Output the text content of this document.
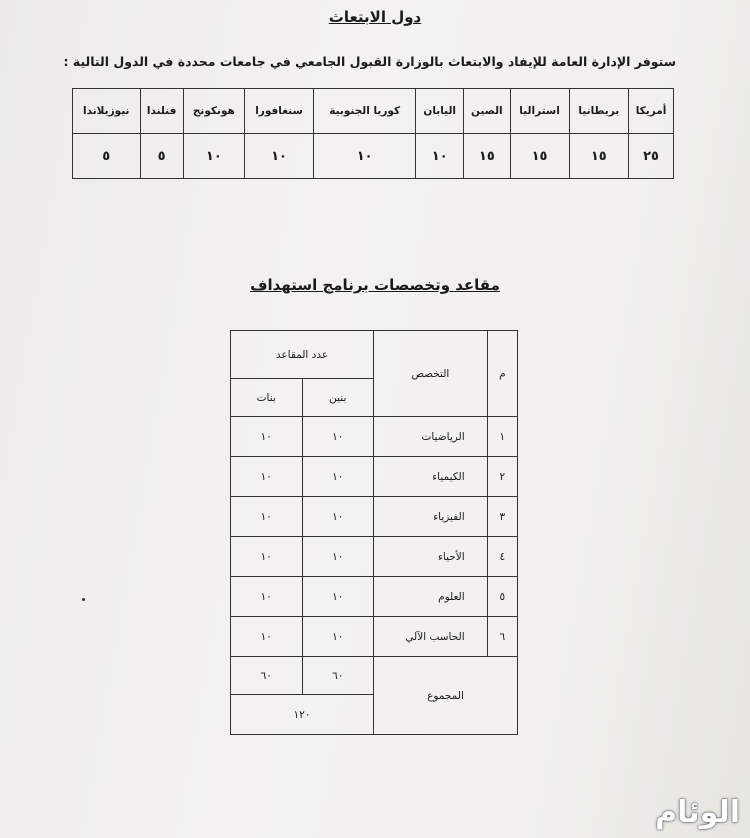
دول الابتعاث
ستوفر الإدارة العامة للإيفاد والابتعاث بالوزارة القبول الجامعي في جامعات محددة في الدول التالية :
أمريكا	بريطانيا	استراليا	الصين	اليابان	كوريا الجنوبية	سنغافورا	هونكونج	فنلندا	نيوزيلاندا
٢٥	١٥	١٥	١٥	١٠	١٠	١٠	١٠	٥	٥
مقاعد وتخصصات برنامج استهداف
م	التخصص	عدد المقاعد	
		بنين	بنات
١	الرياضيات	١٠	١٠
٢	الكيمياء	١٠	١٠
٣	الفيزياء	١٠	١٠
٤	الأحياء	١٠	١٠
٥	العلوم	١٠	١٠
٦	الحاسب الآلي	١٠	١٠
المجموع		٦٠	٦٠
		١٢٠	
الوئام
